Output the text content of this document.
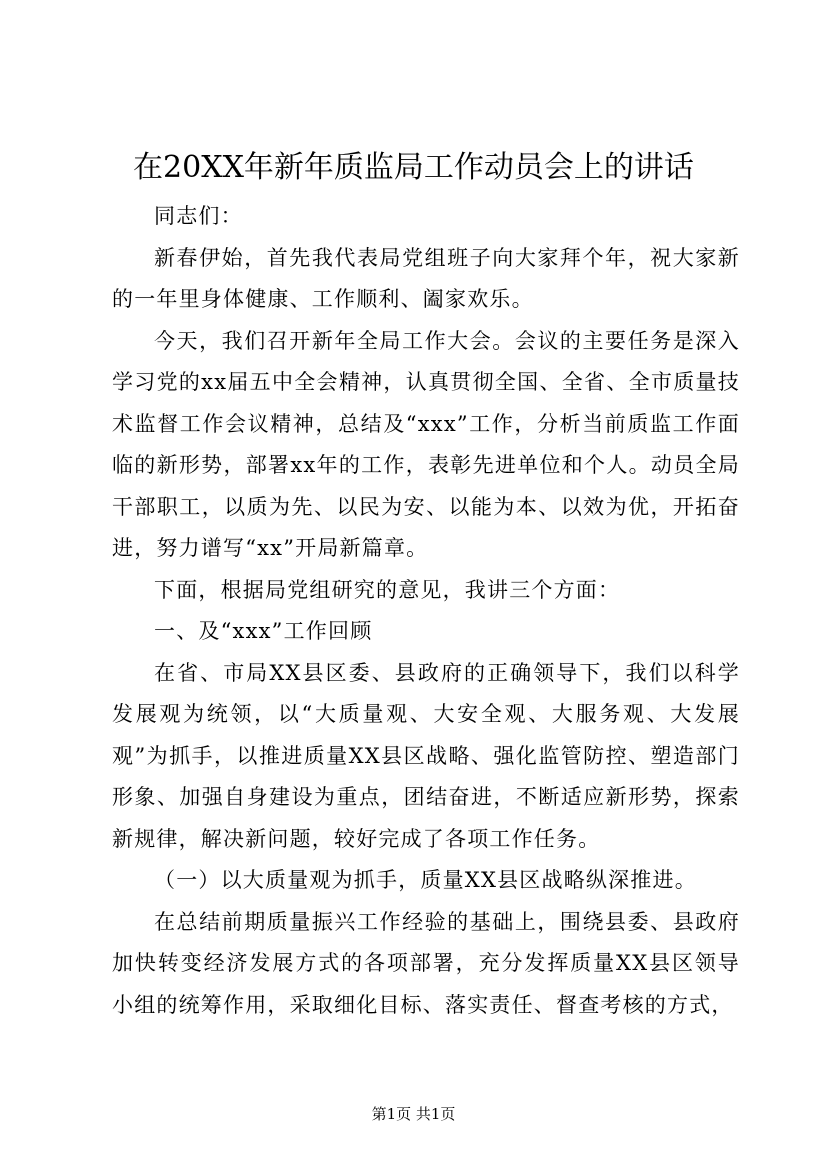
在20XX年新年质监局工作动员会上的讲话

同志们：

新春伊始，首先我代表局党组班子向大家拜个年，祝大家新的一年里身体健康、工作顺利、阖家欢乐。

今天，我们召开新年全局工作大会。会议的主要任务是深入学习党的xx届五中全会精神，认真贯彻全国、全省、全市质量技术监督工作会议精神，总结及“xxx”工作，分析当前质监工作面临的新形势，部署xx年的工作，表彰先进单位和个人。动员全局干部职工，以质为先、以民为安、以能为本、以效为优，开拓奋进，努力谱写“xx”开局新篇章。

下面，根据局党组研究的意见，我讲三个方面：

一、及“xxx”工作回顾

在省、市局XX县区委、县政府的正确领导下，我们以科学发展观为统领，以“大质量观、大安全观、大服务观、大发展观”为抓手，以推进质量XX县区战略、强化监管防控、塑造部门形象、加强自身建设为重点，团结奋进，不断适应新形势，探索新规律，解决新问题，较好完成了各项工作任务。

（一）以大质量观为抓手，质量XX县区战略纵深推进。

在总结前期质量振兴工作经验的基础上，围绕县委、县政府加快转变经济发展方式的各项部署，充分发挥质量XX县区领导小组的统筹作用，采取细化目标、落实责任、督查考核的方式，

第1页 共1页
